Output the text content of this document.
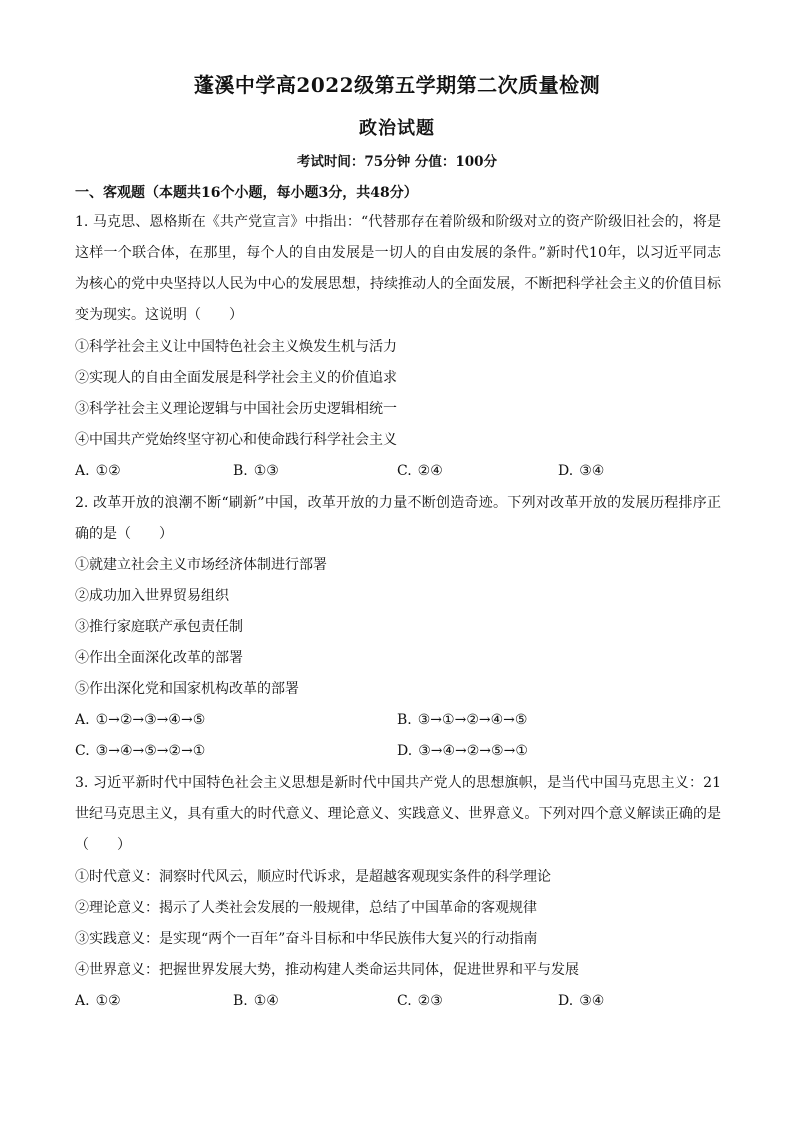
蓬溪中学高2022级第五学期第二次质量检测
政治试题
考试时间：75分钟 分值：100分
一、客观题（本题共16个小题，每小题3分，共48分）
1. 马克思、恩格斯在《共产党宣言》中指出：“代替那存在着阶级和阶级对立的资产阶级旧社会的，将是这样一个联合体，在那里，每个人的自由发展是一切人的自由发展的条件。”新时代10年，以习近平同志为核心的党中央坚持以人民为中心的发展思想，持续推动人的全面发展，不断把科学社会主义的价值目标变为现实。这说明（　　）
①科学社会主义让中国特色社会主义焕发生机与活力
②实现人的自由全面发展是科学社会主义的价值追求
③科学社会主义理论逻辑与中国社会历史逻辑相统一
④中国共产党始终坚守初心和使命践行科学社会主义
A. ①②	B. ①③	C. ②④	D. ③④
2. 改革开放的浪潮不断“刷新”中国，改革开放的力量不断创造奇迹。下列对改革开放的发展历程排序正确的是（　　）
①就建立社会主义市场经济体制进行部署
②成功加入世界贸易组织
③推行家庭联产承包责任制
④作出全面深化改革的部署
⑤作出深化党和国家机构改革的部署
A. ①→②→③→④→⑤	B. ③→①→②→④→⑤
C. ③→④→⑤→②→①	D. ③→④→②→⑤→①
3. 习近平新时代中国特色社会主义思想是新时代中国共产党人的思想旗帜，是当代中国马克思主义：21世纪马克思主义，具有重大的时代意义、理论意义、实践意义、世界意义。下列对四个意义解读正确的是（　　）
①时代意义：洞察时代风云，顺应时代诉求，是超越客观现实条件的科学理论
②理论意义：揭示了人类社会发展的一般规律，总结了中国革命的客观规律
③实践意义：是实现“两个一百年”奋斗目标和中华民族伟大复兴的行动指南
④世界意义：把握世界发展大势，推动构建人类命运共同体，促进世界和平与发展
A. ①②	B. ①④	C. ②③	D. ③④
